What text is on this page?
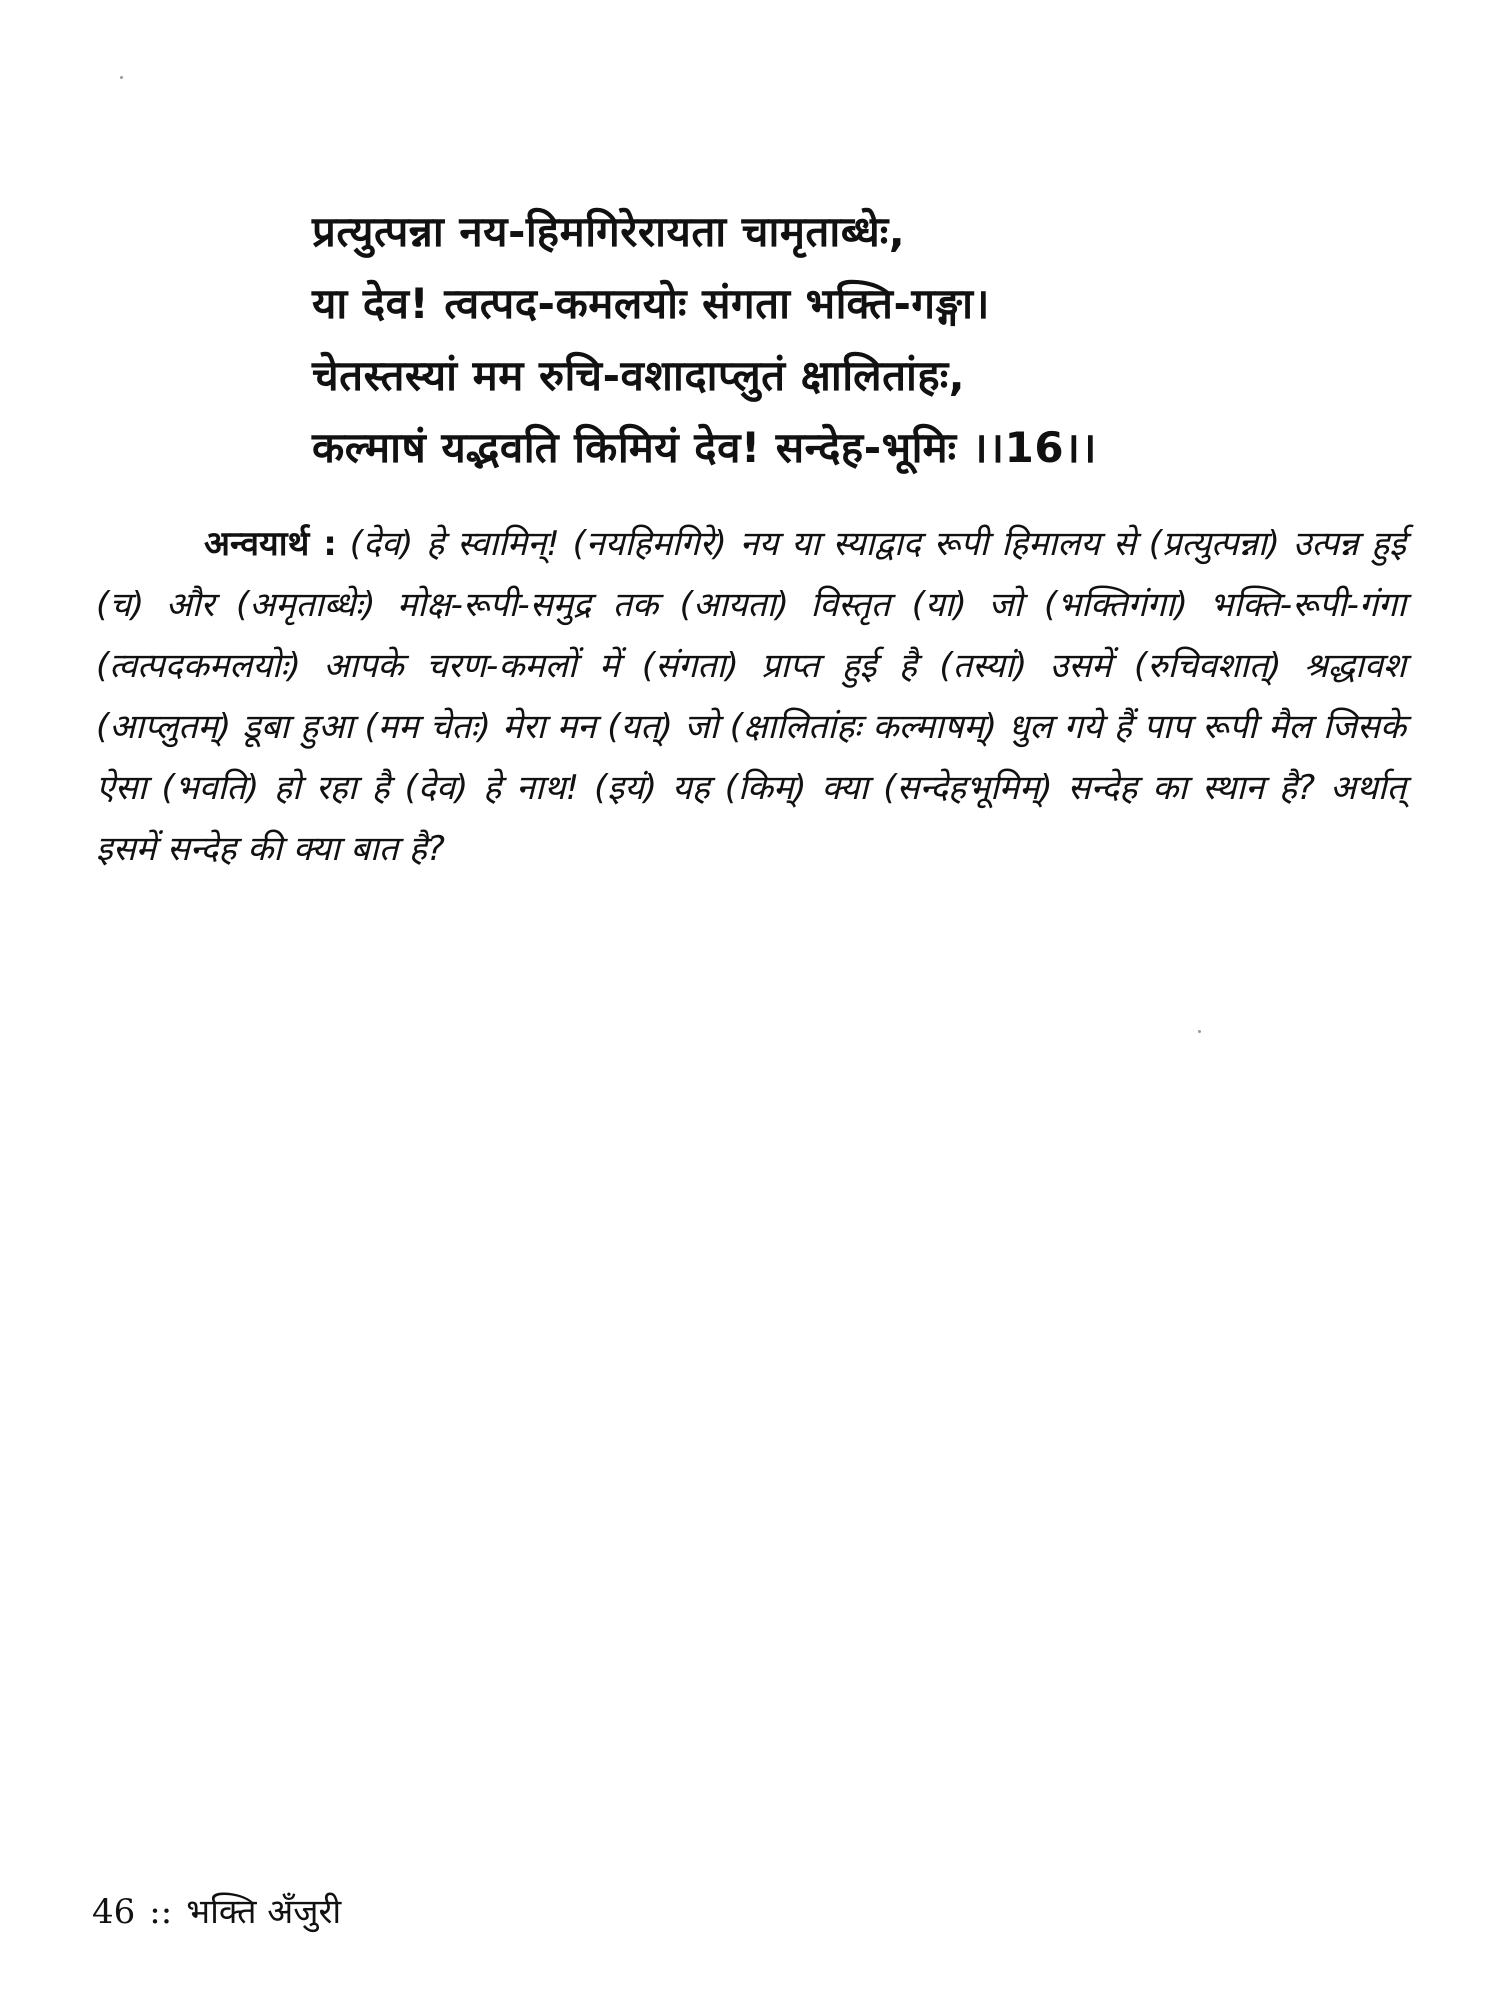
प्रत्युत्पन्ना नय-हिमगिरेरायता चामृताब्धेः,
या देव! त्वत्पद-कमलयोः संगता भक्ति-गङ्गा।
चेतस्तस्यां मम रुचि-वशादाप्लुतं क्षालितांहः,
कल्माषं यद्भवति किमियं देव! सन्देह-भूमिः ।।16।।

अन्वयार्थ : (देव) हे स्वामिन्! (नयहिमगिरे) नय या स्याद्वाद रूपी हिमालय से (प्रत्युत्पन्ना) उत्पन्न हुई (च) और (अमृताब्धेः) मोक्ष-रूपी-समुद्र तक (आयता) विस्तृत (या) जो (भक्तिगंगा) भक्ति-रूपी-गंगा (त्वत्पदकमलयोः) आपके चरण-कमलों में (संगता) प्राप्त हुई है (तस्यां) उसमें (रुचिवशात्) श्रद्धावश (आप्लुतम्) डूबा हुआ (मम चेतः) मेरा मन (यत्) जो (क्षालितांहः कल्माषम्) धुल गये हैं पाप रूपी मैल जिसके ऐसा (भवति) हो रहा है (देव) हे नाथ! (इयं) यह (किम्) क्या (सन्देहभूमिम्) सन्देह का स्थान है? अर्थात् इसमें सन्देह की क्या बात है?

46 :: भक्ति अँजुरी
